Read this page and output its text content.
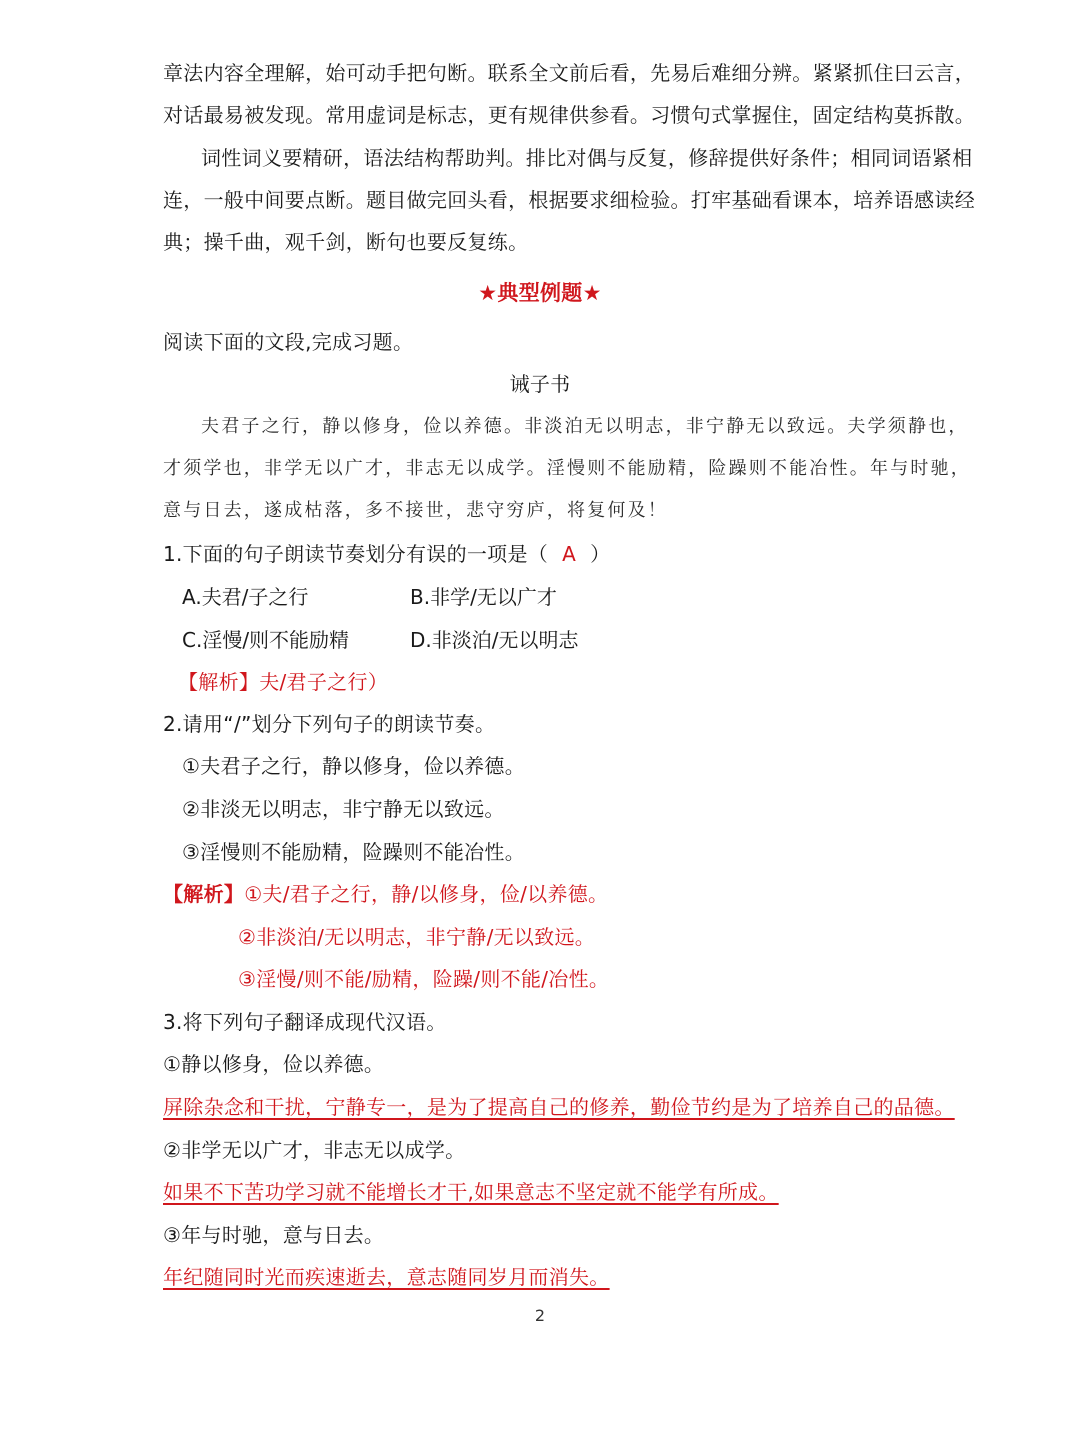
章法内容全理解，始可动手把句断。联系全文前后看，先易后难细分辨。紧紧抓住曰云言，
对话最易被发现。常用虚词是标志，更有规律供参看。习惯句式掌握住，固定结构莫拆散。
词性词义要精研，语法结构帮助判。排比对偶与反复，修辞提供好条件；相同词语紧相
连，一般中间要点断。题目做完回头看，根据要求细检验。打牢基础看课本，培养语感读经
典；操千曲，观千剑，断句也要反复练。
★典型例题★
阅读下面的文段,完成习题。
诫子书
夫君子之行，静以修身，俭以养德。非淡泊无以明志，非宁静无以致远。夫学须静也，
才须学也，非学无以广才，非志无以成学。淫慢则不能励精，险躁则不能冶性。年与时驰，
意与日去，遂成枯落，多不接世，悲守穷庐，将复何及！
1.下面的句子朗读节奏划分有误的一项是（ A ）
A.夫君/子之行	B.非学/无以广才
C.淫慢/则不能励精	D.非淡泊/无以明志
【解析】夫/君子之行）
2.请用“/”划分下列句子的朗读节奏。
①夫君子之行，静以修身，俭以养德。
②非淡无以明志，非宁静无以致远。
③淫慢则不能励精，险躁则不能冶性。
【解析】①夫/君子之行，静/以修身，俭/以养德。
②非淡泊/无以明志，非宁静/无以致远。
③淫慢/则不能/励精，险躁/则不能/冶性。
3.将下列句子翻译成现代汉语。
①静以修身，俭以养德。
屏除杂念和干扰，宁静专一，是为了提高自己的修养，勤俭节约是为了培养自己的品德。
②非学无以广才，非志无以成学。
如果不下苦功学习就不能增长才干,如果意志不坚定就不能学有所成。
③年与时驰，意与日去。
年纪随同时光而疾速逝去，意志随同岁月而消失。
2
